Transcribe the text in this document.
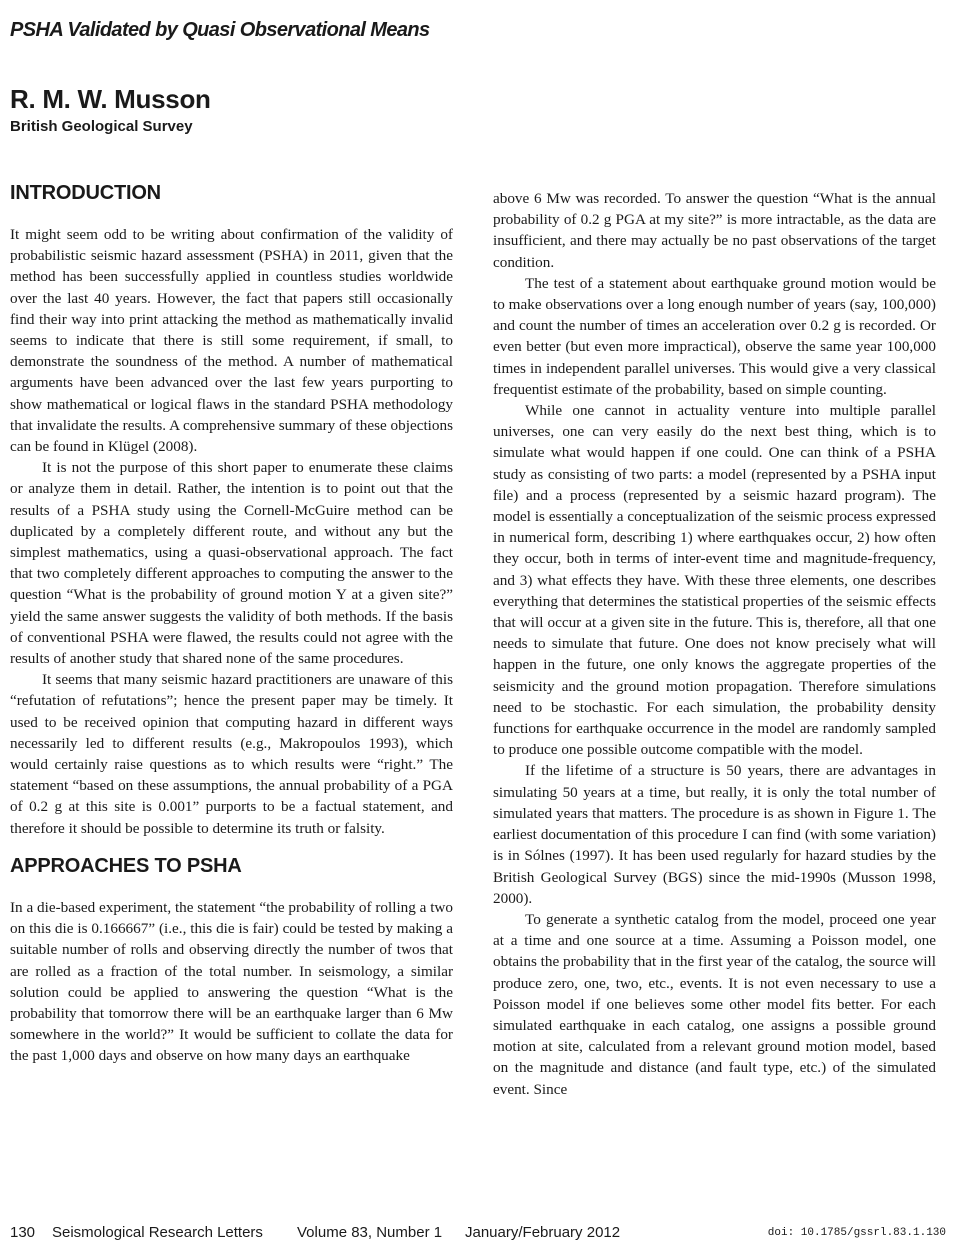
PSHA Validated by Quasi Observational Means
R. M. W. Musson
British Geological Survey
INTRODUCTION

It might seem odd to be writing about confirmation of the validity of probabilistic seismic hazard assessment (PSHA) in 2011, given that the method has been successfully applied in countless studies worldwide over the last 40 years. However, the fact that papers still occasionally find their way into print attacking the method as mathematically invalid seems to indicate that there is still some requirement, if small, to demonstrate the soundness of the method. A number of mathematical arguments have been advanced over the last few years purporting to show mathematical or logical flaws in the standard PSHA methodology that invalidate the results. A comprehensive summary of these objections can be found in Klügel (2008).

It is not the purpose of this short paper to enumerate these claims or analyze them in detail. Rather, the intention is to point out that the results of a PSHA study using the Cornell-McGuire method can be duplicated by a completely different route, and without any but the simplest mathematics, using a quasi-observational approach. The fact that two completely different approaches to computing the answer to the question “What is the probability of ground motion Y at a given site?” yield the same answer suggests the validity of both methods. If the basis of conventional PSHA were flawed, the results could not agree with the results of another study that shared none of the same procedures.

It seems that many seismic hazard practitioners are unaware of this “refutation of refutations”; hence the present paper may be timely. It used to be received opinion that computing hazard in different ways necessarily led to different results (e.g., Makropoulos 1993), which would certainly raise questions as to which results were “right.” The statement “based on these assumptions, the annual probability of a PGA of 0.2 g at this site is 0.001” purports to be a factual statement, and therefore it should be possible to determine its truth or falsity.

APPROACHES TO PSHA

In a die-based experiment, the statement “the probability of rolling a two on this die is 0.166667” (i.e., this die is fair) could be tested by making a suitable number of rolls and observing directly the number of twos that are rolled as a fraction of the total number. In seismology, a similar solution could be applied to answering the question “What is the probability that tomorrow there will be an earthquake larger than 6 Mw somewhere in the world?” It would be sufficient to collate the data for the past 1,000 days and observe on how many days an earthquake

above 6 Mw was recorded. To answer the question “What is the annual probability of 0.2 g PGA at my site?” is more intractable, as the data are insufficient, and there may actually be no past observations of the target condition.

The test of a statement about earthquake ground motion would be to make observations over a long enough number of years (say, 100,000) and count the number of times an acceleration over 0.2 g is recorded. Or even better (but even more impractical), observe the same year 100,000 times in independent parallel universes. This would give a very classical frequentist estimate of the probability, based on simple counting.

While one cannot in actuality venture into multiple parallel universes, one can very easily do the next best thing, which is to simulate what would happen if one could. One can think of a PSHA study as consisting of two parts: a model (represented by a PSHA input file) and a process (represented by a seismic hazard program). The model is essentially a conceptualization of the seismic process expressed in numerical form, describing 1) where earthquakes occur, 2) how often they occur, both in terms of inter-event time and magnitude-frequency, and 3) what effects they have. With these three elements, one describes everything that determines the statistical properties of the seismic effects that will occur at a given site in the future. This is, therefore, all that one needs to simulate that future. One does not know precisely what will happen in the future, one only knows the aggregate properties of the seismicity and the ground motion propagation. Therefore simulations need to be stochastic. For each simulation, the probability density functions for earthquake occurrence in the model are randomly sampled to produce one possible outcome compatible with the model.

If the lifetime of a structure is 50 years, there are advantages in simulating 50 years at a time, but really, it is only the total number of simulated years that matters. The procedure is as shown in Figure 1. The earliest documentation of this procedure I can find (with some variation) is in Sólnes (1997). It has been used regularly for hazard studies by the British Geological Survey (BGS) since the mid-1990s (Musson 1998, 2000).

To generate a synthetic catalog from the model, proceed one year at a time and one source at a time. Assuming a Poisson model, one obtains the probability that in the first year of the catalog, the source will produce zero, one, two, etc., events. It is not even necessary to use a Poisson model if one believes some other model fits better. For each simulated earthquake in each catalog, one assigns a possible ground motion at site, calculated from a relevant ground motion model, based on the magnitude and distance (and fault type, etc.) of the simulated event. Since

130 Seismological Research Letters Volume 83, Number 1 January/February 2012	doi: 10.1785/gssrl.83.1.130
